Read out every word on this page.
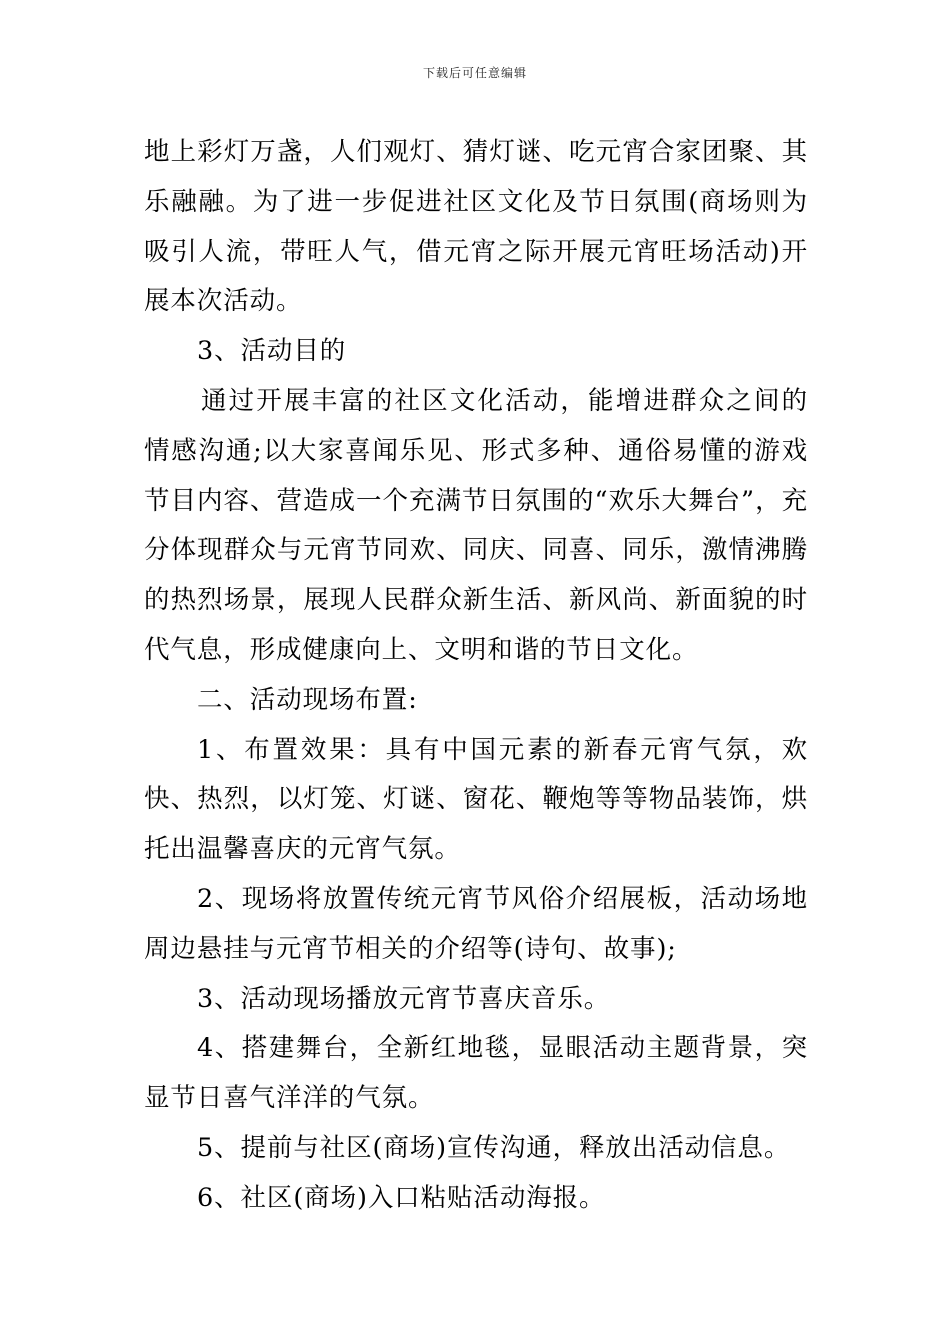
下载后可任意编辑

地上彩灯万盏，人们观灯、猜灯谜、吃元宵合家团聚、其乐融融。为了进一步促进社区文化及节日氛围(商场则为吸引人流，带旺人气，借元宵之际开展元宵旺场活动)开展本次活动。

3、活动目的

通过开展丰富的社区文化活动，能增进群众之间的情感沟通;以大家喜闻乐见、形式多种、通俗易懂的游戏节目内容、营造成一个充满节日氛围的“欢乐大舞台”，充分体现群众与元宵节同欢、同庆、同喜、同乐，激情沸腾的热烈场景，展现人民群众新生活、新风尚、新面貌的时代气息，形成健康向上、文明和谐的节日文化。

二、活动现场布置:

1、布置效果：具有中国元素的新春元宵气氛，欢快、热烈，以灯笼、灯谜、窗花、鞭炮等等物品装饰，烘托出温馨喜庆的元宵气氛。

2、现场将放置传统元宵节风俗介绍展板，活动场地周边悬挂与元宵节相关的介绍等(诗句、故事);

3、活动现场播放元宵节喜庆音乐。

4、搭建舞台，全新红地毯，显眼活动主题背景，突显节日喜气洋洋的气氛。

5、提前与社区(商场)宣传沟通，释放出活动信息。

6、社区(商场)入口粘贴活动海报。
